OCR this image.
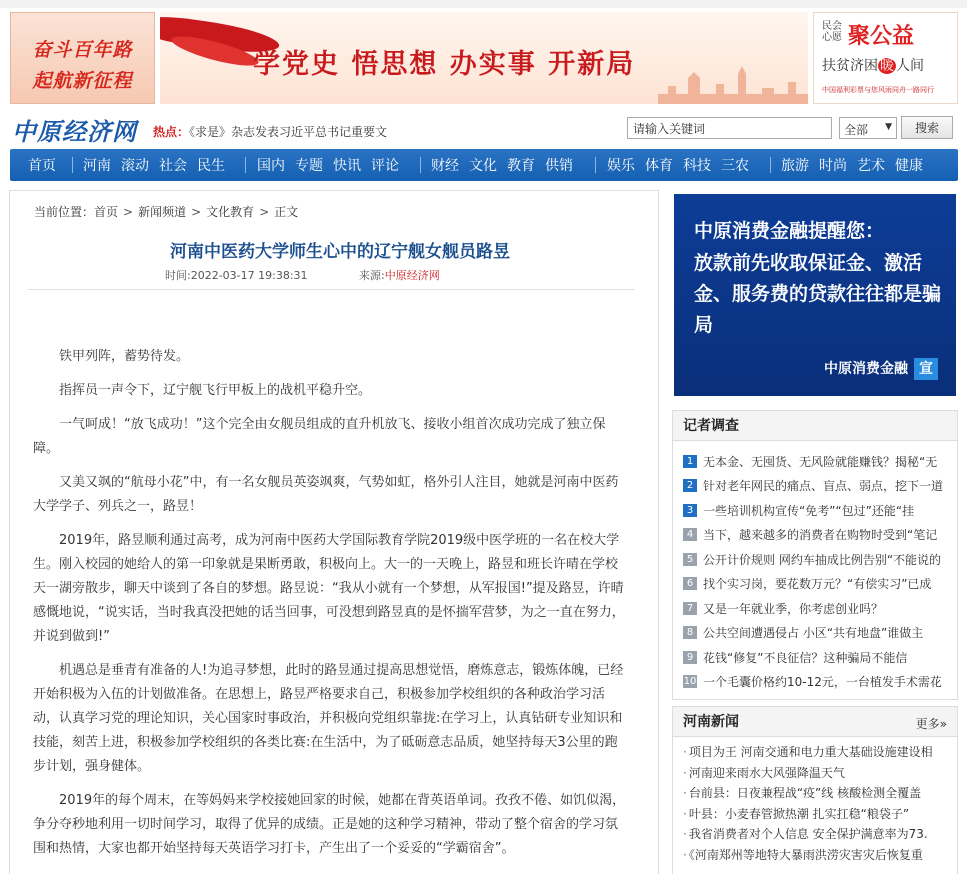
奋斗百年路
起航新征程
学党史 悟思想 办实事 开新局
民会心愿 聚公益
扶贫济困 暖 人间
中国福利彩票与您风雨同舟一路同行
中原经济网 热点：《求是》杂志发表习近平总书记重要文
请输入关键词	全部 ▼	搜索
首页 河南 滚动 社会 民生 国内 专题 快讯 评论 财经 文化 教育 供销 娱乐 体育 科技 三农 旅游 时尚 艺术 健康
当前位置：首页 > 新闻频道 > 文化教育 > 正文
河南中医药大学师生心中的辽宁舰女舰员路昱
时间:2022-03-17 19:38:31	来源:中原经济网

铁甲列阵，蓄势待发。

指挥员一声令下，辽宁舰飞行甲板上的战机平稳升空。

一气呵成！“放飞成功！”这个完全由女舰员组成的直升机放飞、接收小组首次成功完成了独立保障。

又美又飒的“航母小花”中，有一名女舰员英姿飒爽，气势如虹，格外引人注目，她就是河南中医药大学学子、列兵之一，路昱！

2019年，路昱顺利通过高考，成为河南中医药大学国际教育学院2019级中医学班的一名在校大学生。刚入校园的她给人的第一印象就是果断勇敢，积极向上。大一的一天晚上，路昱和班长许晴在学校天一湖旁散步，聊天中谈到了各自的梦想。路昱说：“我从小就有一个梦想，从军报国!”提及路昱，许晴感慨地说，“说实话，当时我真没把她的话当回事，可没想到路昱真的是怀揣军营梦，为之一直在努力，并说到做到!”

机遇总是垂青有准备的人!为追寻梦想，此时的路昱通过提高思想觉悟，磨炼意志，锻炼体魄，已经开始积极为入伍的计划做准备。在思想上，路昱严格要求自己，积极参加学校组织的各种政治学习活动，认真学习党的理论知识，关心国家时事政治，并积极向党组织靠拢:在学习上，认真钻研专业知识和技能，刻苦上进，积极参加学校组织的各类比赛:在生活中，为了砥砺意志品质，她坚持每天3公里的跑步计划，强身健体。

2019年的每个周末，在等妈妈来学校接她回家的时候，她都在背英语单词。孜孜不倦、如饥似渴，争分夺秒地利用一切时间学习，取得了优异的成绩。正是她的这种学习精神，带动了整个宿舍的学习氛围和热情，大家也都开始坚持每天英语学习打卡，产生出了一个妥妥的“学霸宿舍”。

中原消费金融提醒您：
放款前先收取保证金、激活金、服务费的贷款往往都是骗局
中原消费金融 宣
记者调查
1 无本金、无囤货、无风险就能赚钱？揭秘“无
2 针对老年网民的痛点、盲点、弱点，挖下一道
3 一些培训机构宣传“免考”“包过”还能“挂
4 当下，越来越多的消费者在购物时受到“笔记
5 公开计价规则 网约车抽成比例告别“不能说的
6 找个实习岗，要花数万元？“有偿实习”已成
7 又是一年就业季，你考虑创业吗？
8 公共空间遭遇侵占 小区“共有地盘”谁做主
9 花钱“修复”不良征信？这种骗局不能信
10 一个毛囊价格约10-12元，一台植发手术需花
河南新闻	更多»
· 项目为王 河南交通和电力重大基础设施建设相
· 河南迎来雨水大风强降温天气
· 台前县：日夜兼程战“疫”线 核酸检测全覆盖
· 叶县：小麦春管掀热潮 扎实扛稳“粮袋子”
· 我省消费者对个人信息 安全保护满意率为73.
· 《河南郑州等地特大暴雨洪涝灾害灾后恢复重
